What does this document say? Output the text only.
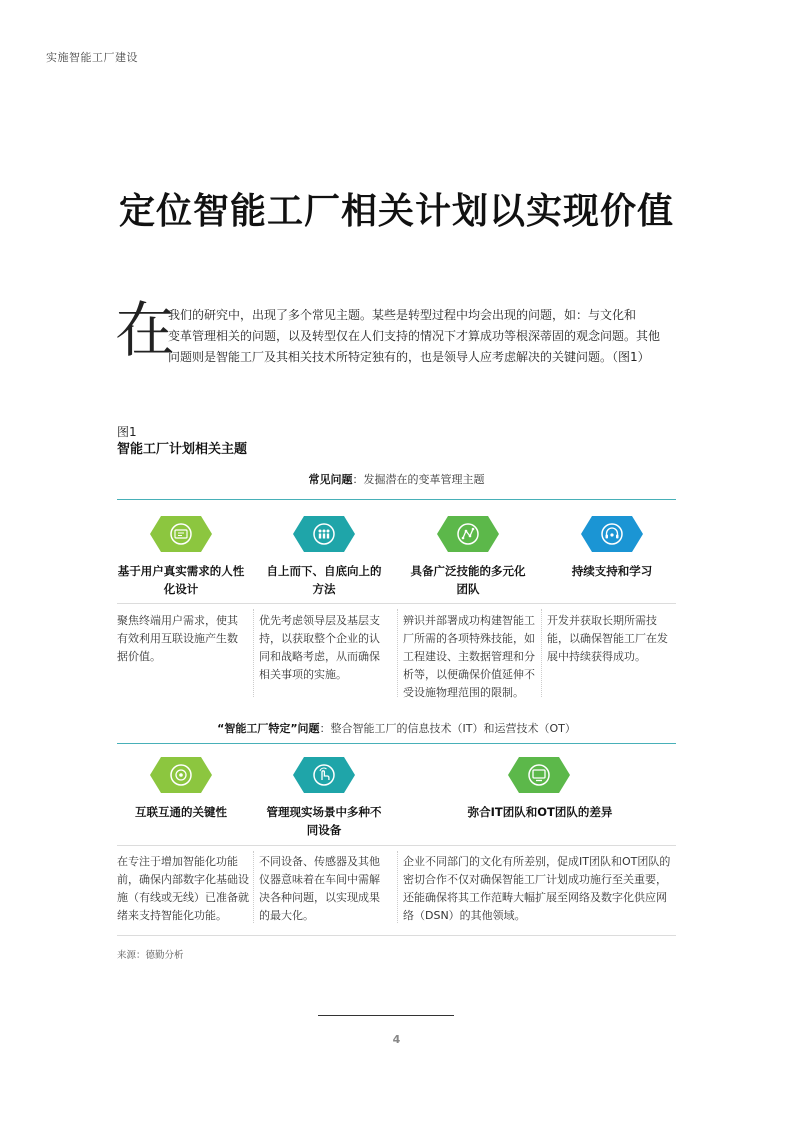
实施智能工厂建设
定位智能工厂相关计划以实现价值
在

我们的研究中，出现了多个常见主题。某些是转型过程中均会出现的问题，如：与文化和
变革管理相关的问题，以及转型仅在人们支持的情况下才算成功等根深蒂固的观念问题。其他
问题则是智能工厂及其相关技术所特定独有的，也是领导人应考虑解决的关键问题。（图1）

图1
智能工厂计划相关主题
常见问题：发掘潜在的变革管理主题
基于用户真实需求的人性
化设计
自上而下、自底向上的
方法
具备广泛技能的多元化
团队
持续支持和学习
聚焦终端用户需求，使其
有效利用互联设施产生数
据价值。
优先考虑领导层及基层支
持，以获取整个企业的认
同和战略考虑，从而确保
相关事项的实施。
辨识并部署成功构建智能工
厂所需的各项特殊技能，如
工程建设、主数据管理和分
析等，以便确保价值延伸不
受设施物理范围的限制。
开发并获取长期所需技
能，以确保智能工厂在发
展中持续获得成功。
“智能工厂特定”问题：整合智能工厂的信息技术（IT）和运营技术（OT）
互联互通的关键性	管理现实场景中多种不
同设备
弥合IT团队和OT团队的差异
在专注于增加智能化功能
前，确保内部数字化基础设
施（有线或无线）已准备就
绪来支持智能化功能。
不同设备、传感器及其他
仪器意味着在车间中需解
决各种问题，以实现成果
的最大化。
企业不同部门的文化有所差别，促成IT团队和OT团队的
密切合作不仅对确保智能工厂计划成功施行至关重要，
还能确保将其工作范畴大幅扩展至网络及数字化供应网
络（DSN）的其他领域。
来源：德勤分析
4
